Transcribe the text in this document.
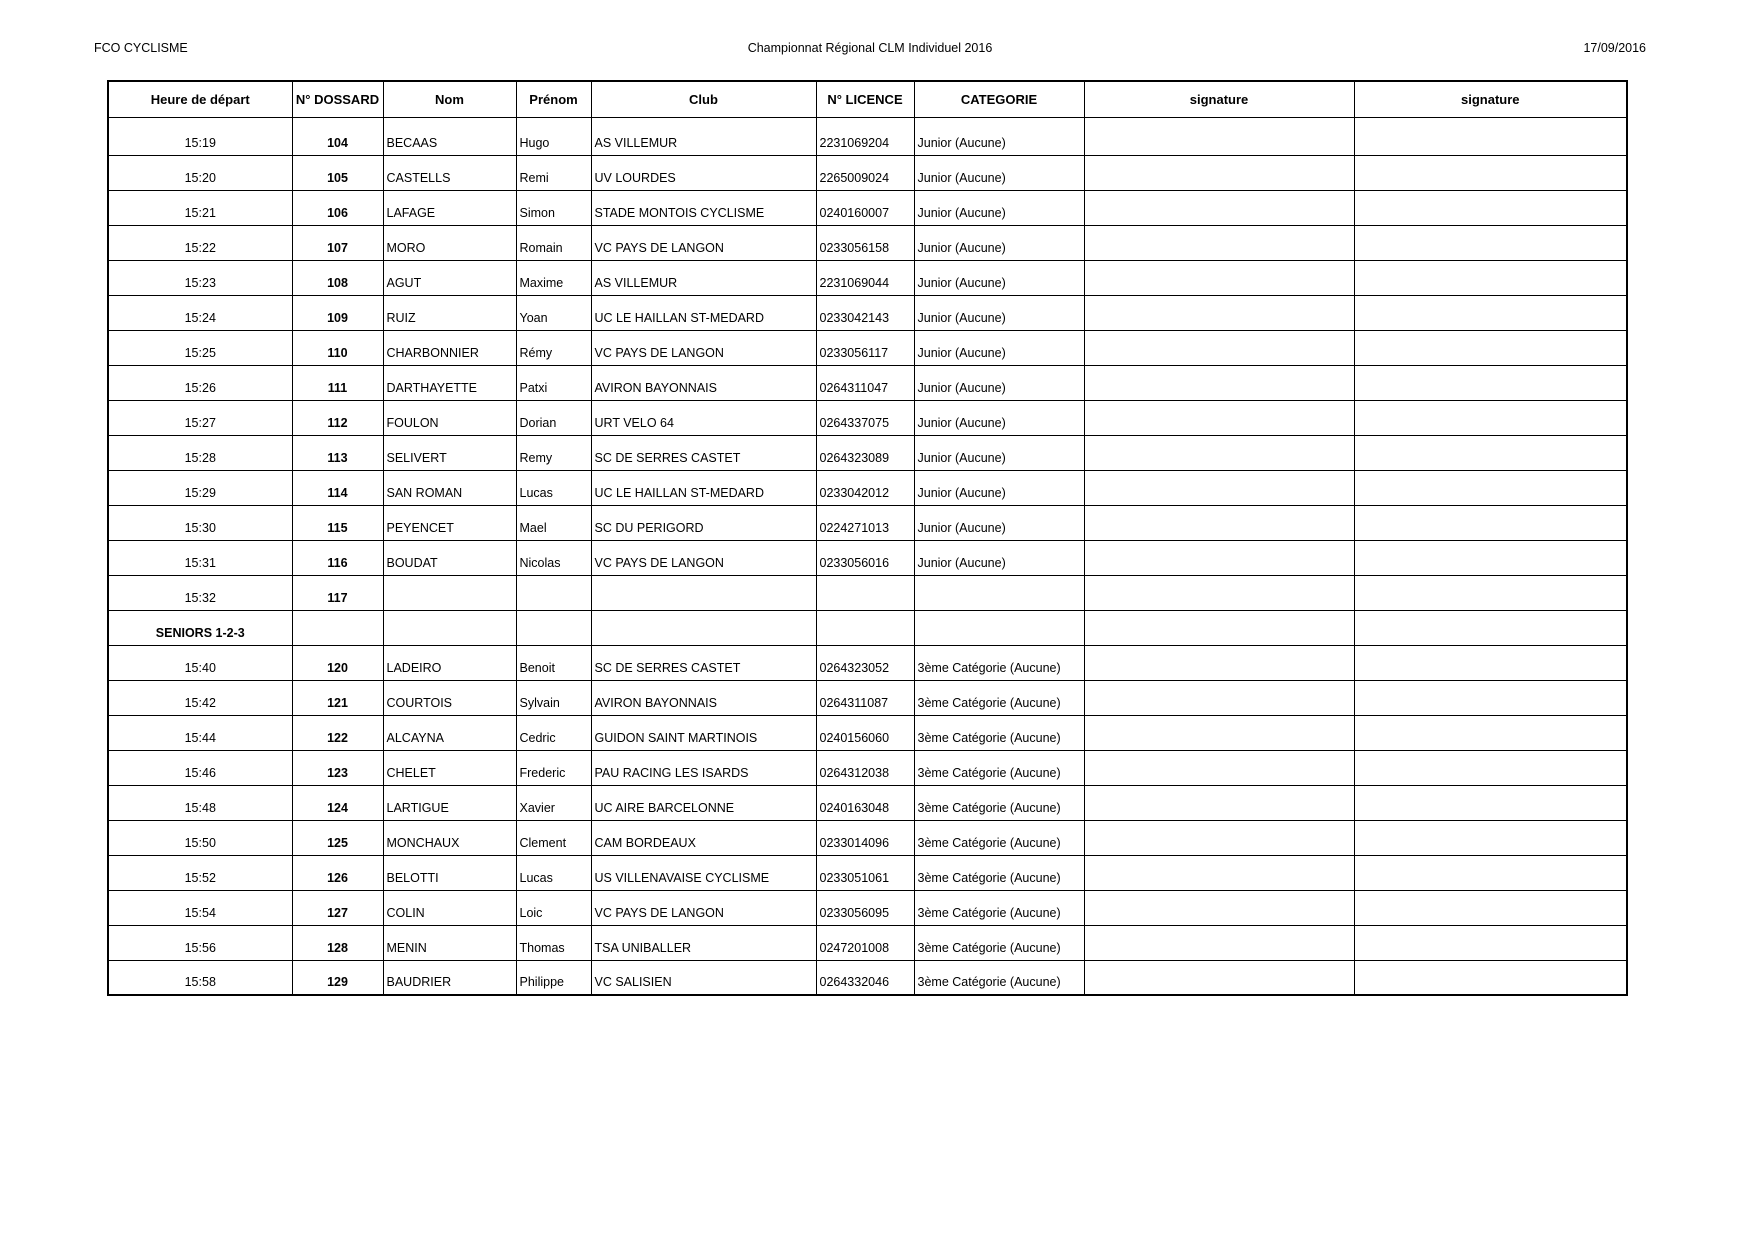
FCO CYCLISME	Championnat Régional CLM Individuel 2016	17/09/2016
Heure de départ	N° DOSSARD	Nom	Prénom	Club	N° LICENCE	CATEGORIE	signature	signature
15:19	104	BECAAS	Hugo	AS VILLEMUR	2231069204	Junior (Aucune)		
15:20	105	CASTELLS	Remi	UV LOURDES	2265009024	Junior (Aucune)		
15:21	106	LAFAGE	Simon	STADE MONTOIS CYCLISME	0240160007	Junior (Aucune)		
15:22	107	MORO	Romain	VC PAYS DE LANGON	0233056158	Junior (Aucune)		
15:23	108	AGUT	Maxime	AS VILLEMUR	2231069044	Junior (Aucune)		
15:24	109	RUIZ	Yoan	UC LE HAILLAN ST-MEDARD	0233042143	Junior (Aucune)		
15:25	110	CHARBONNIER	Rémy	VC PAYS DE LANGON	0233056117	Junior (Aucune)		
15:26	111	DARTHAYETTE	Patxi	AVIRON BAYONNAIS	0264311047	Junior (Aucune)		
15:27	112	FOULON	Dorian	URT VELO 64	0264337075	Junior (Aucune)		
15:28	113	SELIVERT	Remy	SC DE SERRES CASTET	0264323089	Junior (Aucune)		
15:29	114	SAN ROMAN	Lucas	UC LE HAILLAN ST-MEDARD	0233042012	Junior (Aucune)		
15:30	115	PEYENCET	Mael	SC DU PERIGORD	0224271013	Junior (Aucune)		
15:31	116	BOUDAT	Nicolas	VC PAYS DE LANGON	0233056016	Junior (Aucune)		
15:32	117							
SENIORS 1-2-3								
15:40	120	LADEIRO	Benoit	SC DE SERRES CASTET	0264323052	3ème Catégorie (Aucune)		
15:42	121	COURTOIS	Sylvain	AVIRON BAYONNAIS	0264311087	3ème Catégorie (Aucune)		
15:44	122	ALCAYNA	Cedric	GUIDON SAINT MARTINOIS	0240156060	3ème Catégorie (Aucune)		
15:46	123	CHELET	Frederic	PAU RACING LES ISARDS	0264312038	3ème Catégorie (Aucune)		
15:48	124	LARTIGUE	Xavier	UC AIRE BARCELONNE	0240163048	3ème Catégorie (Aucune)		
15:50	125	MONCHAUX	Clement	CAM BORDEAUX	0233014096	3ème Catégorie (Aucune)		
15:52	126	BELOTTI	Lucas	US VILLENAVAISE CYCLISME	0233051061	3ème Catégorie (Aucune)		
15:54	127	COLIN	Loic	VC PAYS DE LANGON	0233056095	3ème Catégorie (Aucune)		
15:56	128	MENIN	Thomas	TSA UNIBALLER	0247201008	3ème Catégorie (Aucune)		
15:58	129	BAUDRIER	Philippe	VC SALISIEN	0264332046	3ème Catégorie (Aucune)		
